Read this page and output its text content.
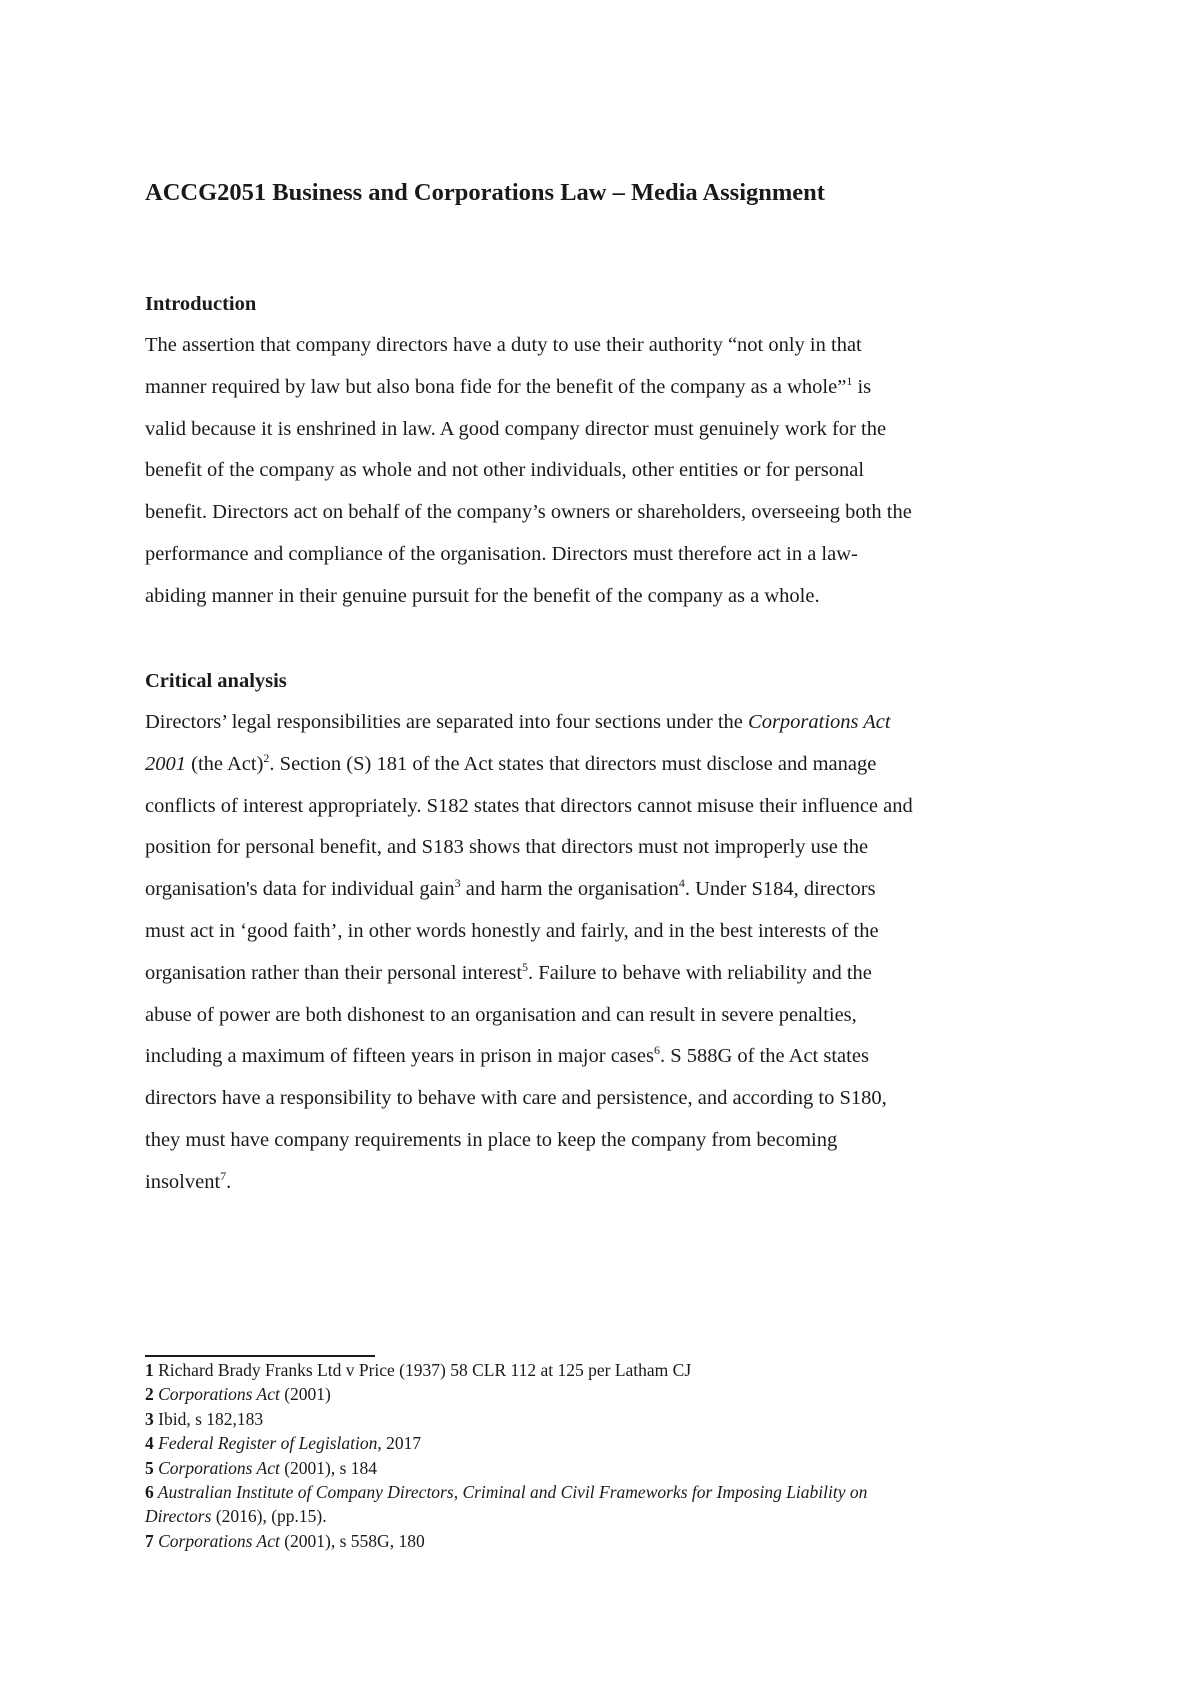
ACCG2051 Business and Corporations Law – Media Assignment
Introduction
The assertion that company directors have a duty to use their authority “not only in that
manner required by law but also bona fide for the benefit of the company as a whole”$^1$ is
valid because it is enshrined in law. A good company director must genuinely work for the
benefit of the company as whole and not other individuals, other entities or for personal
benefit. Directors act on behalf of the company’s owners or shareholders, overseeing both the
performance and compliance of the organisation. Directors must therefore act in a law-
abiding manner in their genuine pursuit for the benefit of the company as a whole.
Critical analysis
Directors’ legal responsibilities are separated into four sections under the Corporations Act
2001 (the Act)$^2$. Section (S) 181 of the Act states that directors must disclose and manage
conflicts of interest appropriately. S182 states that directors cannot misuse their influence and
position for personal benefit, and S183 shows that directors must not improperly use the
organisation's data for individual gain$^3$ and harm the organisation$^4$. Under S184, directors
must act in ‘good faith’, in other words honestly and fairly, and in the best interests of the
organisation rather than their personal interest$^5$. Failure to behave with reliability and the
abuse of power are both dishonest to an organisation and can result in severe penalties,
including a maximum of fifteen years in prison in major cases$^6$. S 588G of the Act states
directors have a responsibility to behave with care and persistence, and according to S180,
they must have company requirements in place to keep the company from becoming
insolvent$^7$.
1 Richard Brady Franks Ltd v Price (1937) 58 CLR 112 at 125 per Latham CJ
2 Corporations Act (2001)
3 Ibid, s 182,183
4 Federal Register of Legislation, 2017
5 Corporations Act (2001), s 184
6 Australian Institute of Company Directors, Criminal and Civil Frameworks for Imposing Liability on
Directors (2016), (pp.15).
7 Corporations Act (2001), s 558G, 180
